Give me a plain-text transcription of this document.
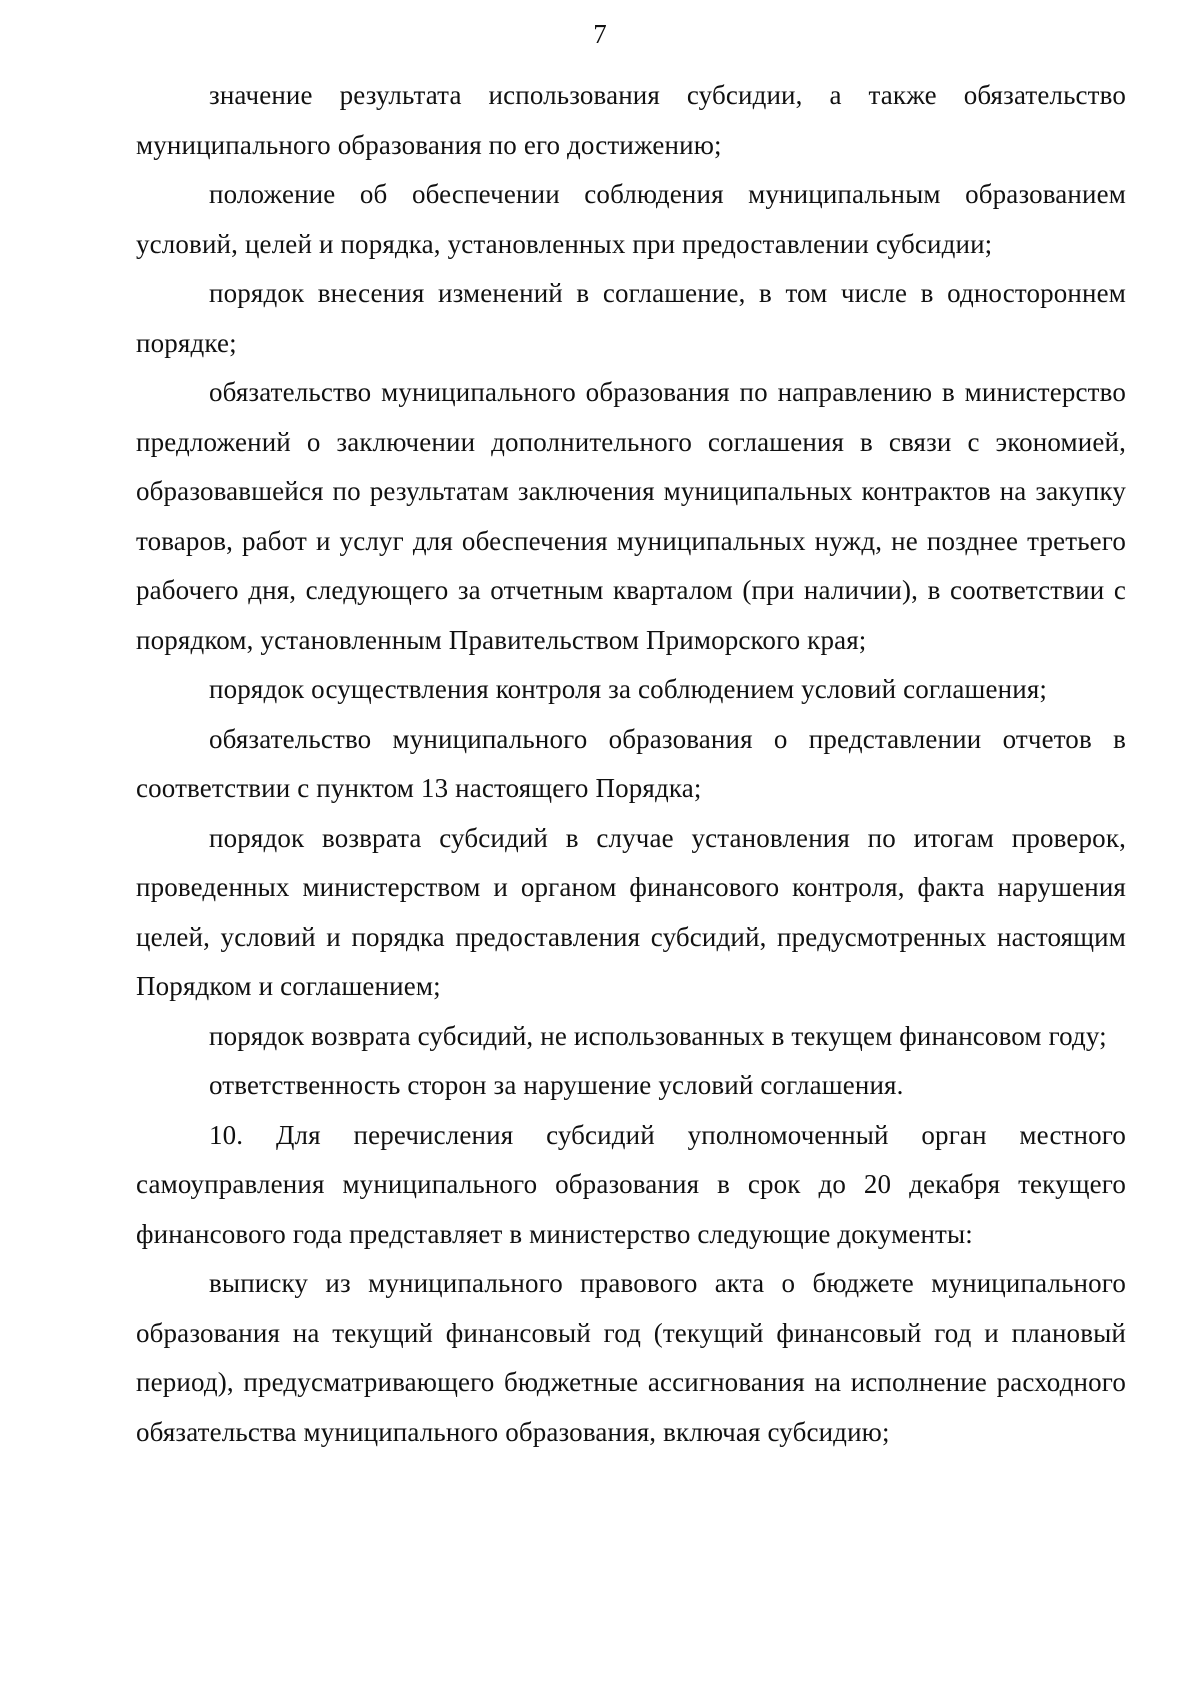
7

значение результата использования субсидии, а также обязательство муниципального образования по его достижению;

положение об обеспечении соблюдения муниципальным образованием условий, целей и порядка, установленных при предоставлении субсидии;

порядок внесения изменений в соглашение, в том числе в одностороннем порядке;

обязательство муниципального образования по направлению в министерство предложений о заключении дополнительного соглашения в связи с экономией, образовавшейся по результатам заключения муниципальных контрактов на закупку товаров, работ и услуг для обеспечения муниципальных нужд, не позднее третьего рабочего дня, следующего за отчетным кварталом (при наличии), в соответствии с порядком, установленным Правительством Приморского края;

порядок осуществления контроля за соблюдением условий соглашения;

обязательство муниципального образования о представлении отчетов в соответствии с пунктом 13 настоящего Порядка;

порядок возврата субсидий в случае установления по итогам проверок, проведенных министерством и органом финансового контроля, факта нарушения целей, условий и порядка предоставления субсидий, предусмотренных настоящим Порядком и соглашением;

порядок возврата субсидий, не использованных в текущем финансовом году;

ответственность сторон за нарушение условий соглашения.

10. Для перечисления субсидий уполномоченный орган местного самоуправления муниципального образования в срок до 20 декабря текущего финансового года представляет в министерство следующие документы:

выписку из муниципального правового акта о бюджете муниципального образования на текущий финансовый год (текущий финансовый год и плановый период), предусматривающего бюджетные ассигнования на исполнение расходного обязательства муниципального образования, включая субсидию;
